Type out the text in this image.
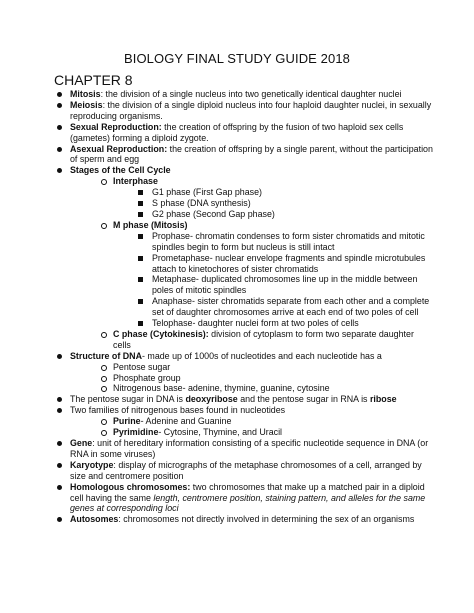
BIOLOGY FINAL STUDY GUIDE 2018
CHAPTER 8
Mitosis: the division of a single nucleus into two genetically identical daughter nuclei
Meiosis: the division of a single diploid nucleus into four haploid daughter nuclei, in sexually reproducing organisms.
Sexual Reproduction: the creation of offspring by the fusion of two haploid sex cells (gametes) forming a diploid zygote.
Asexual Reproduction: the creation of offspring by a single parent, without the participation of sperm and egg
Stages of the Cell Cycle
Interphase
G1 phase (First Gap phase)
S phase (DNA synthesis)
G2 phase (Second Gap phase)
M phase (Mitosis)
Prophase- chromatin condenses to form sister chromatids and mitotic spindles begin to form but nucleus is still intact
Prometaphase- nuclear envelope fragments and spindle microtubules attach to kinetochores of sister chromatids
Metaphase- duplicated chromosomes line up in the middle between poles of mitotic spindles
Anaphase- sister chromatids separate from each other and a complete set of daughter chromosomes arrive at each end of two poles of cell
Telophase- daughter nuclei form at two poles of cells
C phase (Cytokinesis): division of cytoplasm to form two separate daughter cells
Structure of DNA- made up of 1000s of nucleotides and each nucleotide has a
Pentose sugar
Phosphate group
Nitrogenous base- adenine, thymine, guanine, cytosine
The pentose sugar in DNA is deoxyribose and the pentose sugar in RNA is ribose
Two families of nitrogenous bases found in nucleotides
Purine- Adenine and Guanine
Pyrimidine- Cytosine, Thymine, and Uracil
Gene: unit of hereditary information consisting of a specific nucleotide sequence in DNA (or RNA in some viruses)
Karyotype: display of micrographs of the metaphase chromosomes of a cell, arranged by size and centromere position
Homologous chromosomes: two chromosomes that make up a matched pair in a diploid cell having the same length, centromere position, staining pattern, and alleles for the same genes at corresponding loci
Autosomes: chromosomes not directly involved in determining the sex of an organisms
